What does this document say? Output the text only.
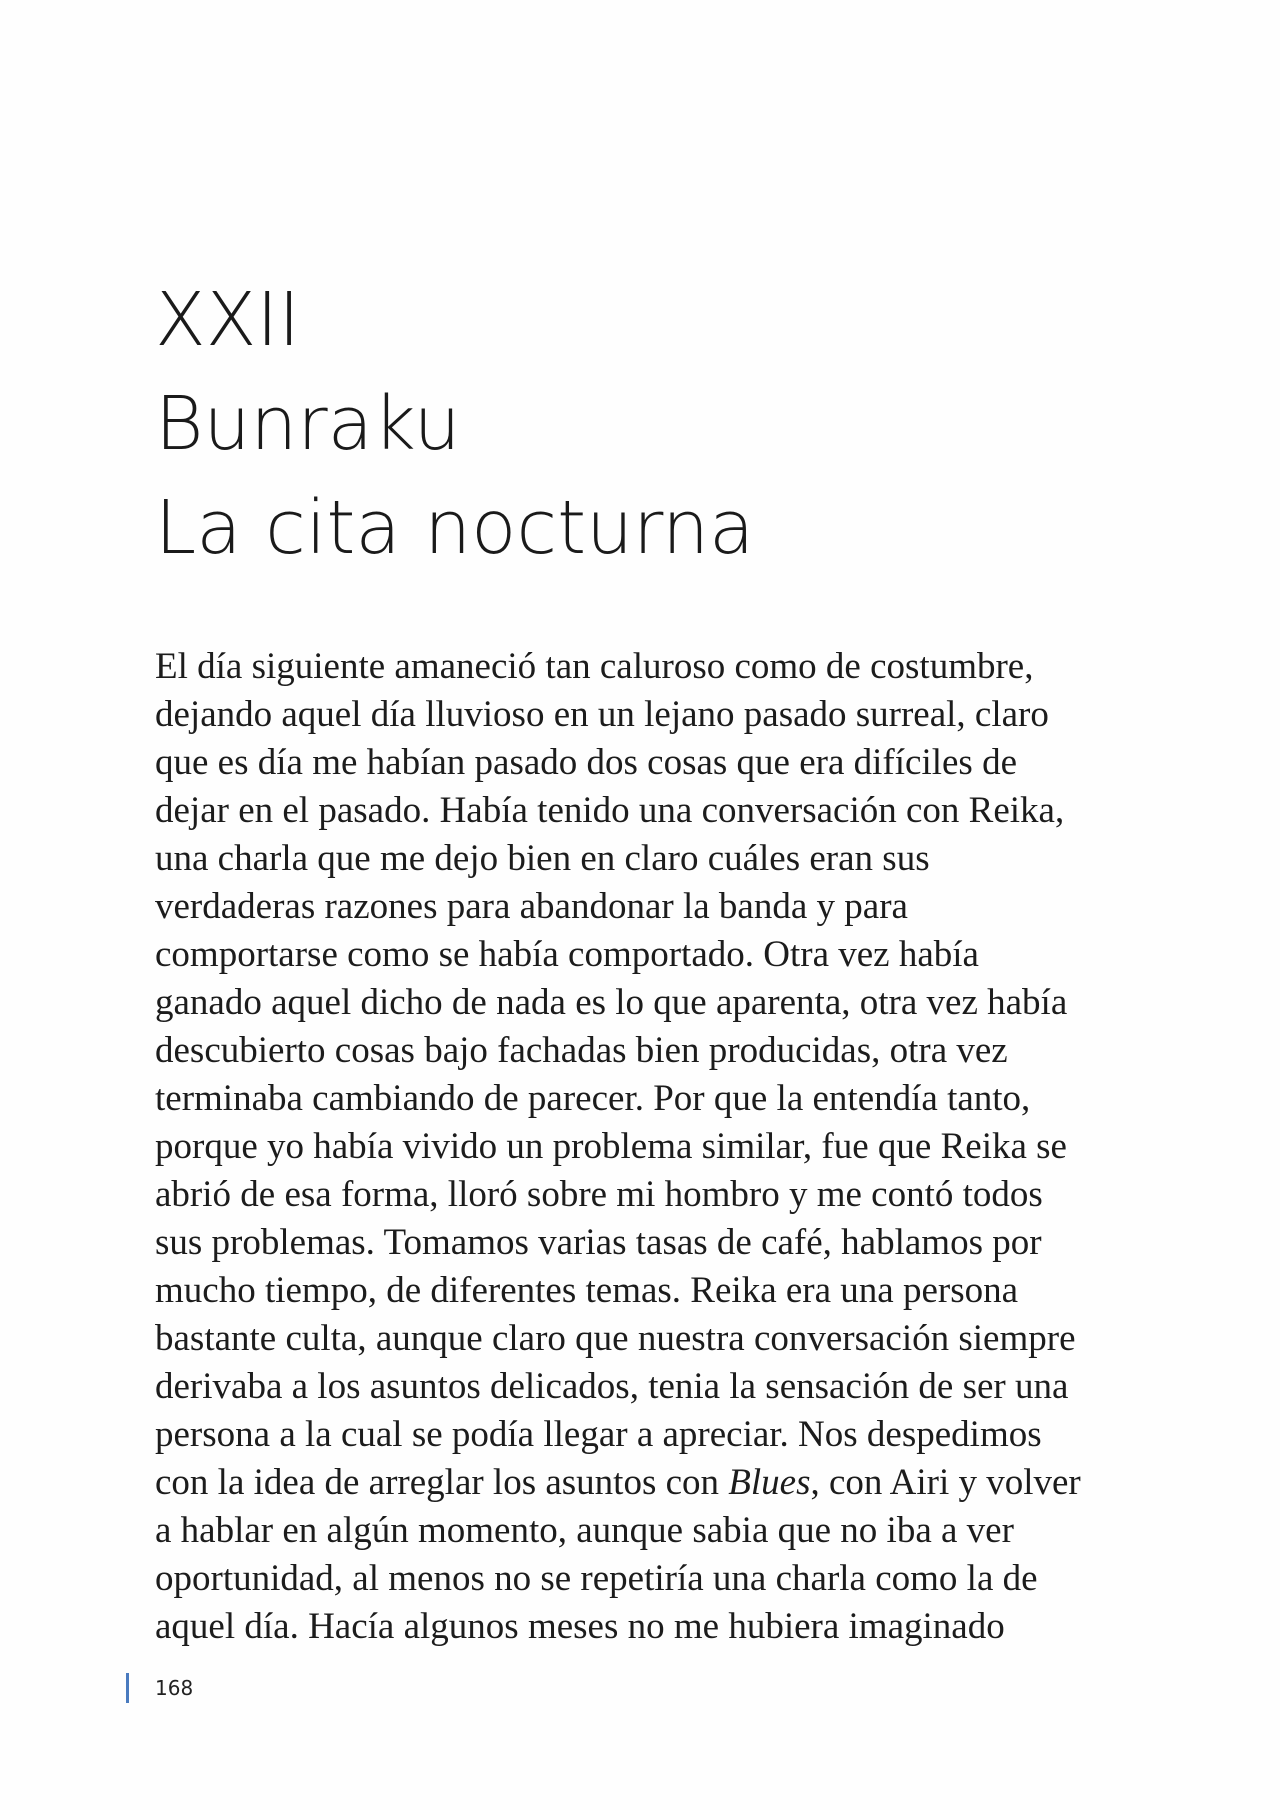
XXII
Bunraku
La cita nocturna
El día siguiente amaneció tan caluroso como de costumbre,
dejando aquel día lluvioso en un lejano pasado surreal, claro
que es día me habían pasado dos cosas que era difíciles de
dejar en el pasado. Había tenido una conversación con Reika,
una charla que me dejo bien en claro cuáles eran sus
verdaderas razones para abandonar la banda y para
comportarse como se había comportado. Otra vez había
ganado aquel dicho de nada es lo que aparenta, otra vez había
descubierto cosas bajo fachadas bien producidas, otra vez
terminaba cambiando de parecer. Por que la entendía tanto,
porque yo había vivido un problema similar, fue que Reika se
abrió de esa forma, lloró sobre mi hombro y me contó todos
sus problemas. Tomamos varias tasas de café, hablamos por
mucho tiempo, de diferentes temas. Reika era una persona
bastante culta, aunque claro que nuestra conversación siempre
derivaba a los asuntos delicados, tenia la sensación de ser una
persona a la cual se podía llegar a apreciar. Nos despedimos
con la idea de arreglar los asuntos con Blues, con Airi y volver
a hablar en algún momento, aunque sabia que no iba a ver
oportunidad, al menos no se repetiría una charla como la de
aquel día. Hacía algunos meses no me hubiera imaginado
168
